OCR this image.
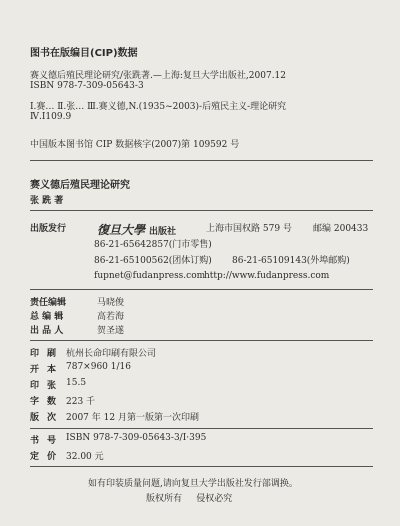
图书在版编目(CIP)数据
赛义德后殖民理论研究/张跣著.—上海:复旦大学出版社,2007.12
ISBN 978-7-309-05643-3
Ⅰ.赛… Ⅱ.张… Ⅲ.赛义德,N.(1935~2003)-后殖民主义-理论研究
Ⅳ.I109.9
中国版本图书馆 CIP 数据核字(2007)第 109592 号
赛义德后殖民理论研究
张 跣 著
出版发行	復旦大學 出版社	上海市国权路 579 号 邮编 200433
86-21-65642857(门市零售)
86-21-65100562(团体订购) 86-21-65109143(外埠邮购)
fupnet@fudanpress.com
http://www.fudanpress.com
责任编辑	马晓俊
总 编 辑	高若海
出 品 人	贺圣遂
印 刷 杭州长命印刷有限公司
开 本 787×960 1/16
印 张 15.5
字 数 223 千
版 次 2007 年 12 月第一版第一次印刷
书 号 ISBN 978-7-309-05643-3/I·395
定 价 32.00 元
如有印装质量问题,请向复旦大学出版社发行部调换。
版权所有     侵权必究
